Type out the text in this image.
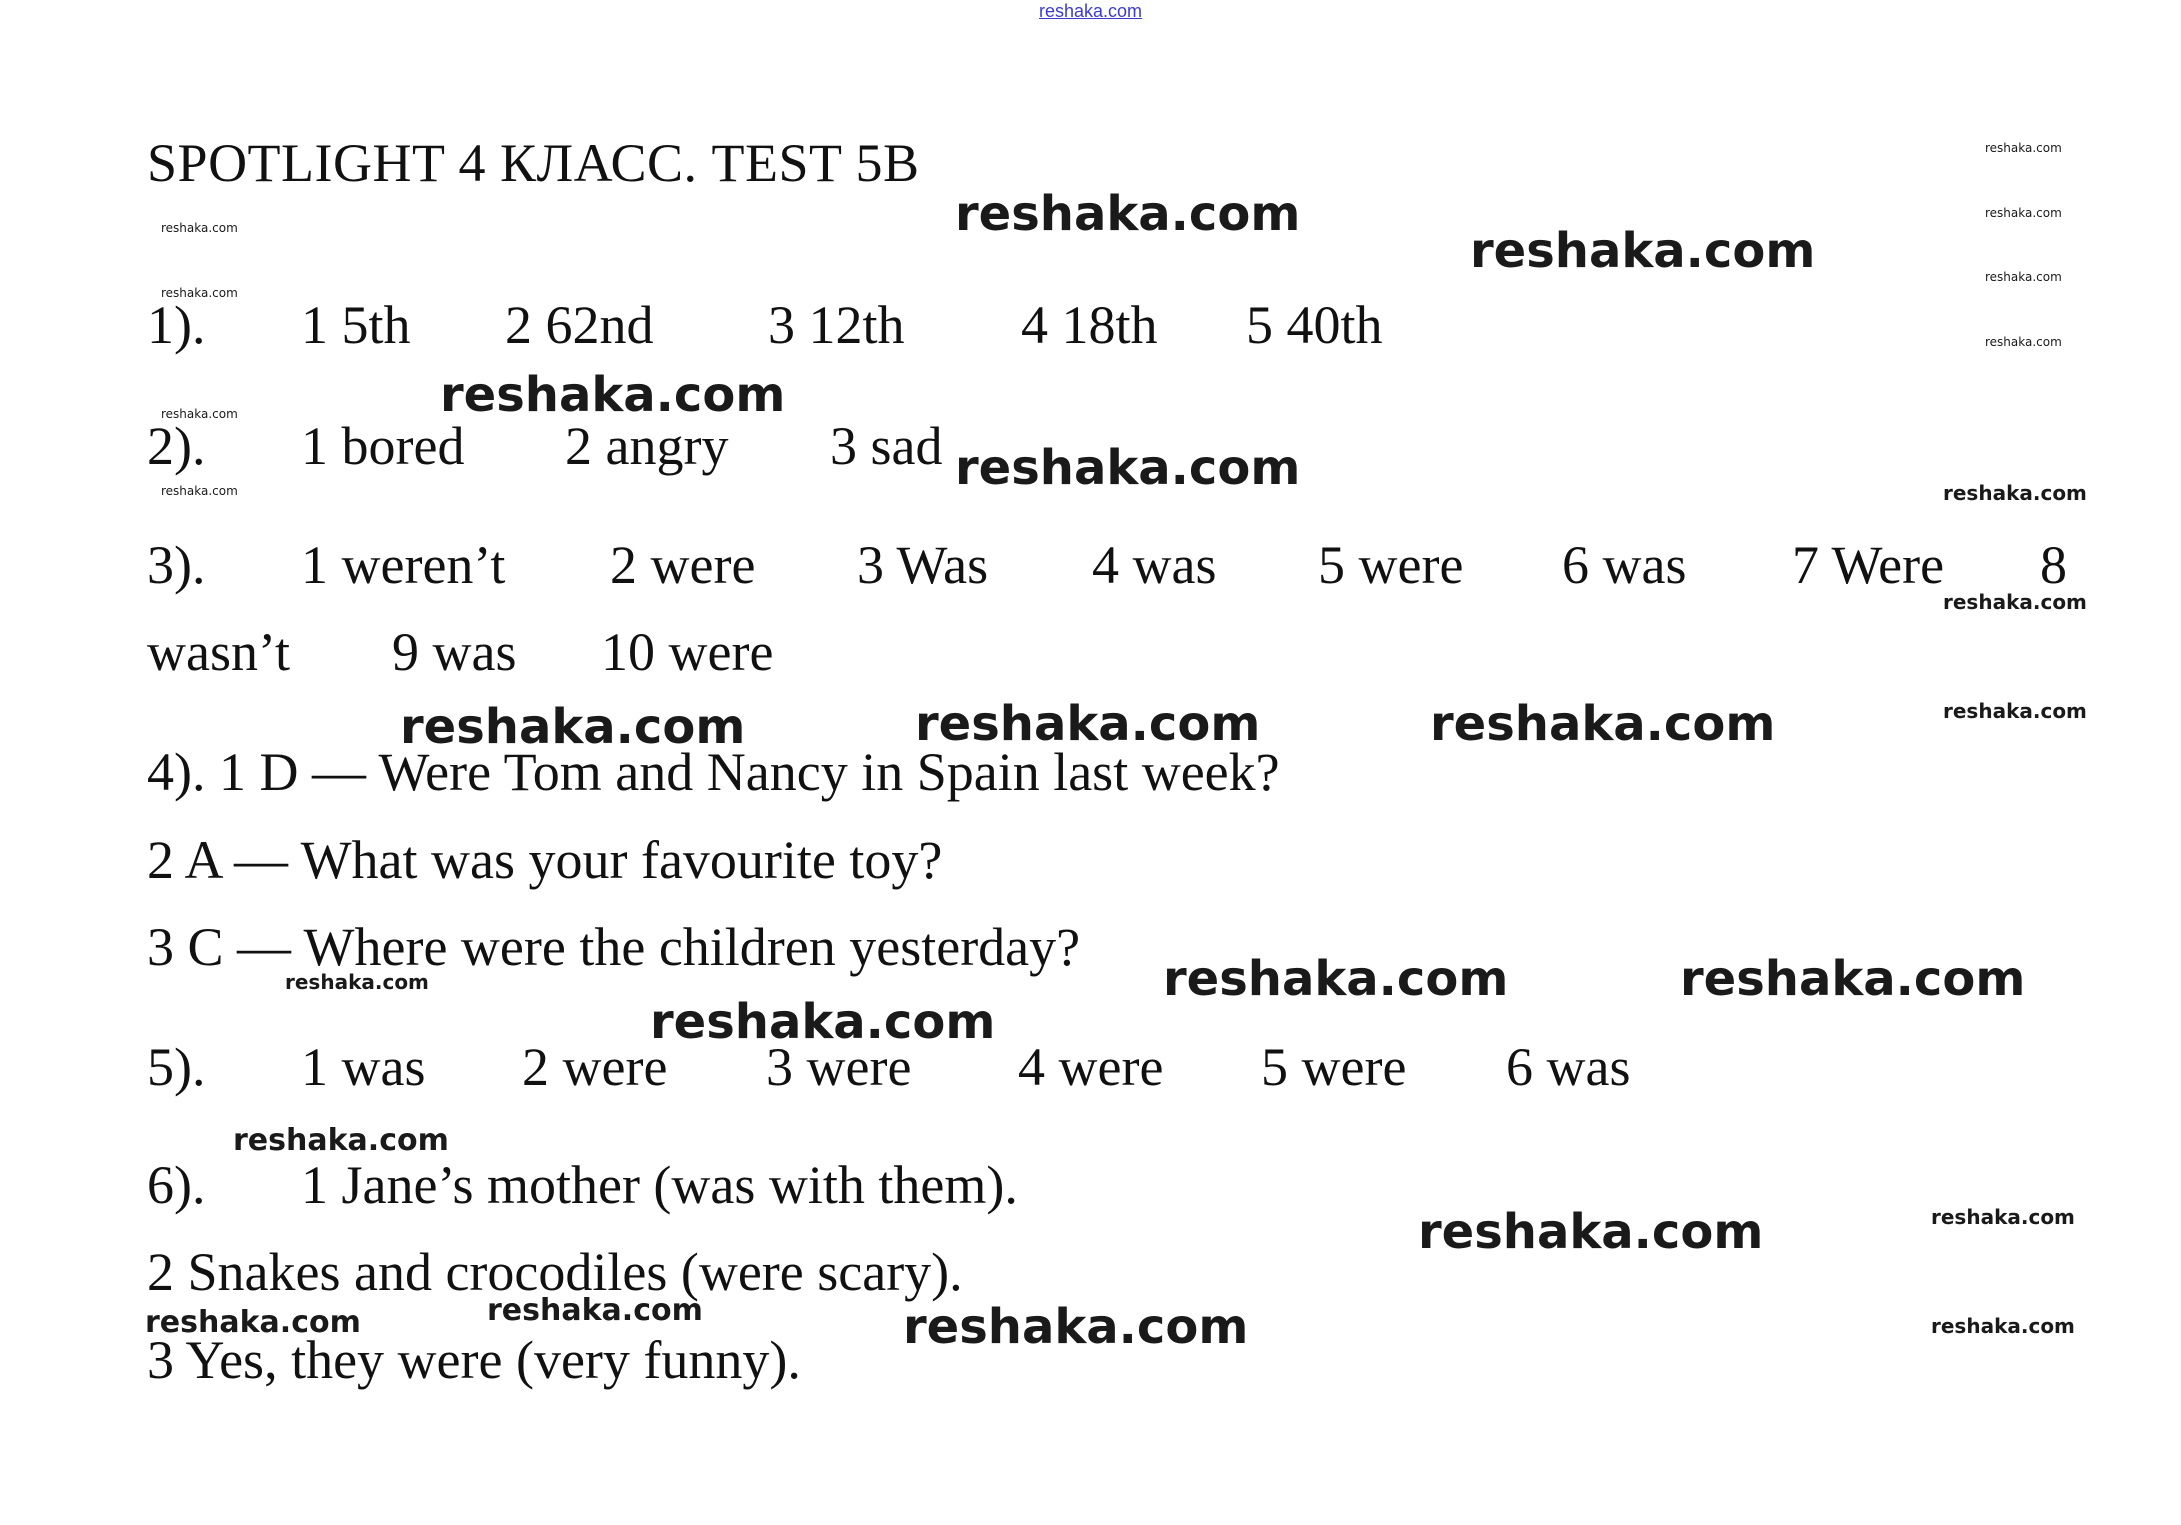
reshaka.com
SPOTLIGHT 4 КЛАСС. TEST 5B
1). 1 5th 2 62nd 3 12th 4 18th 5 40th
2). 1 bored 2 angry 3 sad
3). 1 weren’t 2 were 3 Was 4 was 5 were 6 was 7 Were 8
wasn’t 9 was 10 were
4). 1 D — Were Tom and Nancy in Spain last week?
2 A — What was your favourite toy?
3 C — Where were the children yesterday?
5). 1 was 2 were 3 were 4 were 5 were 6 was
6). 1 Jane’s mother (was with them).
2 Snakes and crocodiles (were scary).
3 Yes, they were (very funny).
reshaka.com
reshaka.com
reshaka.com
reshaka.com
reshaka.com	reshaka.com	reshaka.com
reshaka.com	reshaka.com
reshaka.com
reshaka.com
reshaka.com
reshaka.com
reshaka.com	reshaka.com
reshaka.com
reshaka.com
reshaka.com
reshaka.com
reshaka.com
reshaka.com
reshaka.com
reshaka.com
reshaka.com
reshaka.com
reshaka.com
reshaka.com
reshaka.com
reshaka.com
